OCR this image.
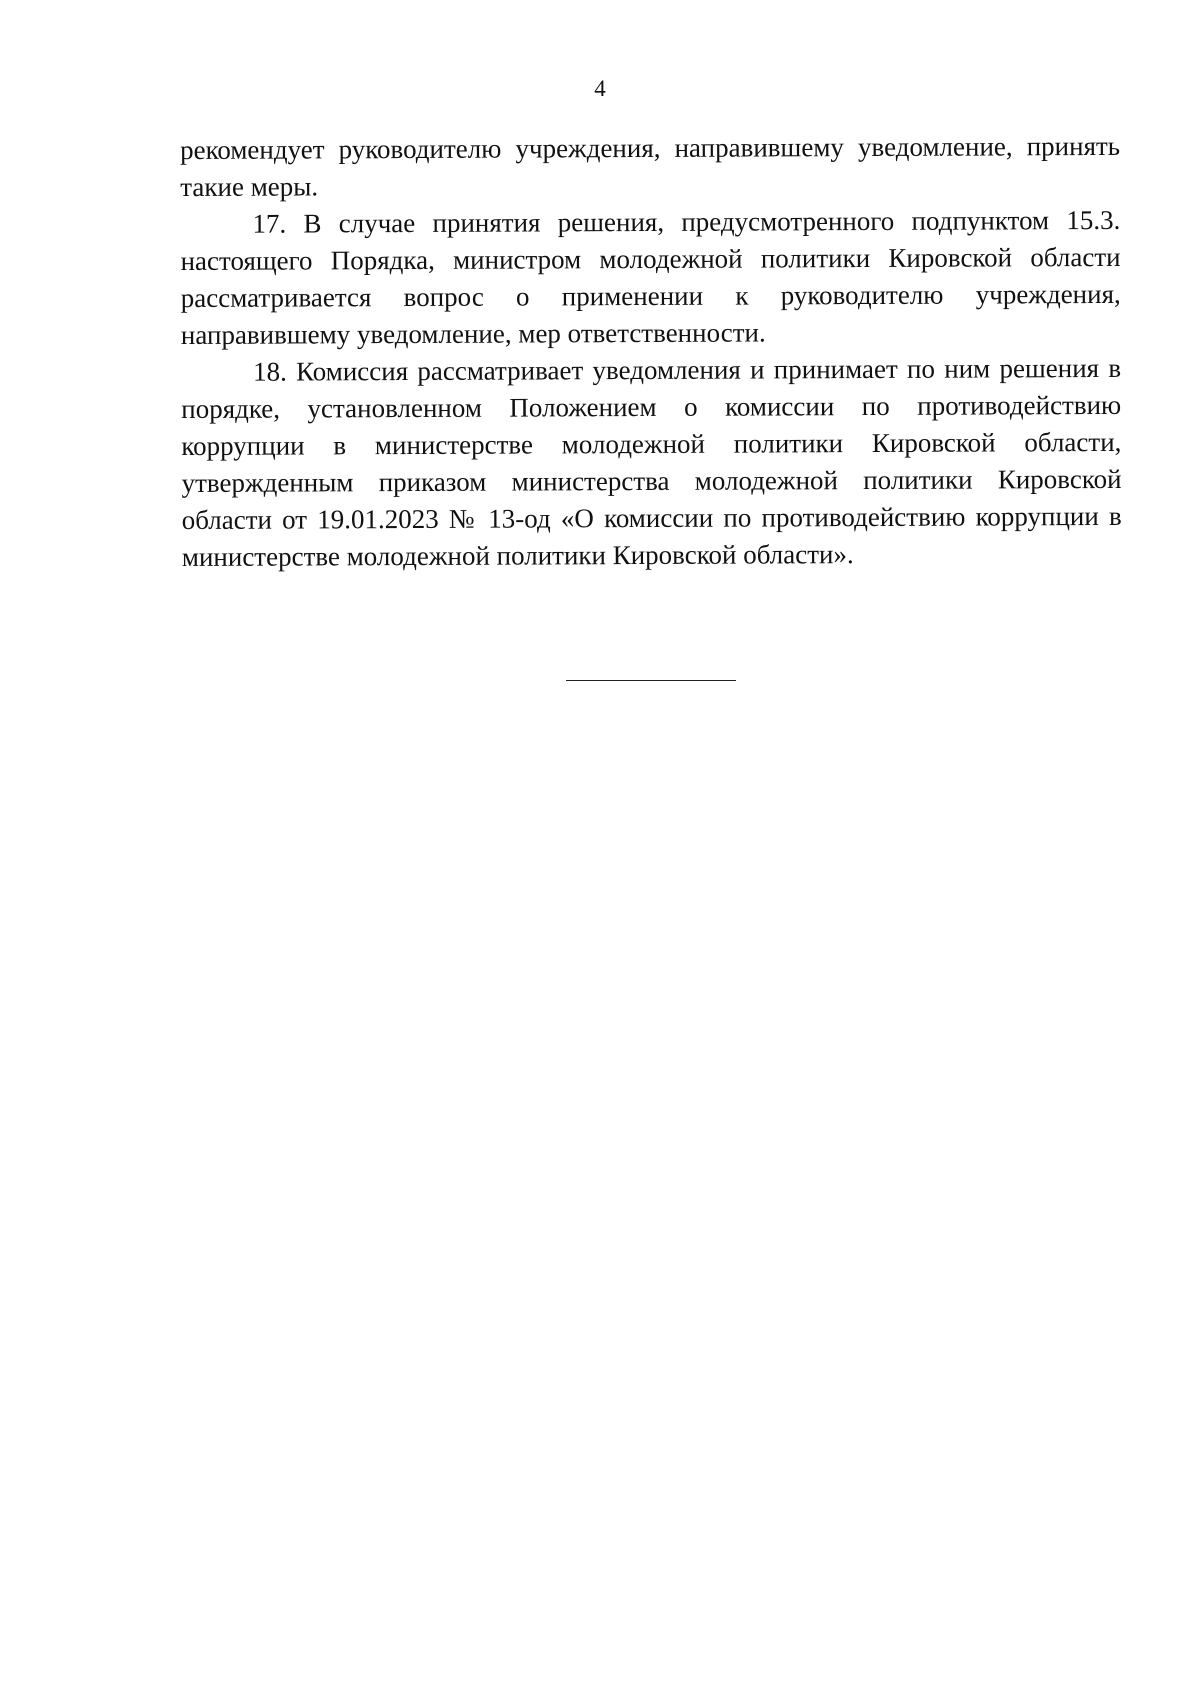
4

рекомендует руководителю учреждения, направившему уведомление, принять такие меры.

17. В случае принятия решения, предусмотренного подпунктом 15.3. настоящего Порядка, министром молодежной политики Кировской области рассматривается вопрос о применении к руководителю учреждения, направившему уведомление, мер ответственности.

18. Комиссия рассматривает уведомления и принимает по ним решения в порядке, установленном Положением о комиссии по противодействию коррупции в министерстве молодежной политики Кировской области, утвержденным приказом министерства молодежной политики Кировской области от 19.01.2023 № 13-од «О комиссии по противодействию коррупции в министерстве молодежной политики Кировской области».
